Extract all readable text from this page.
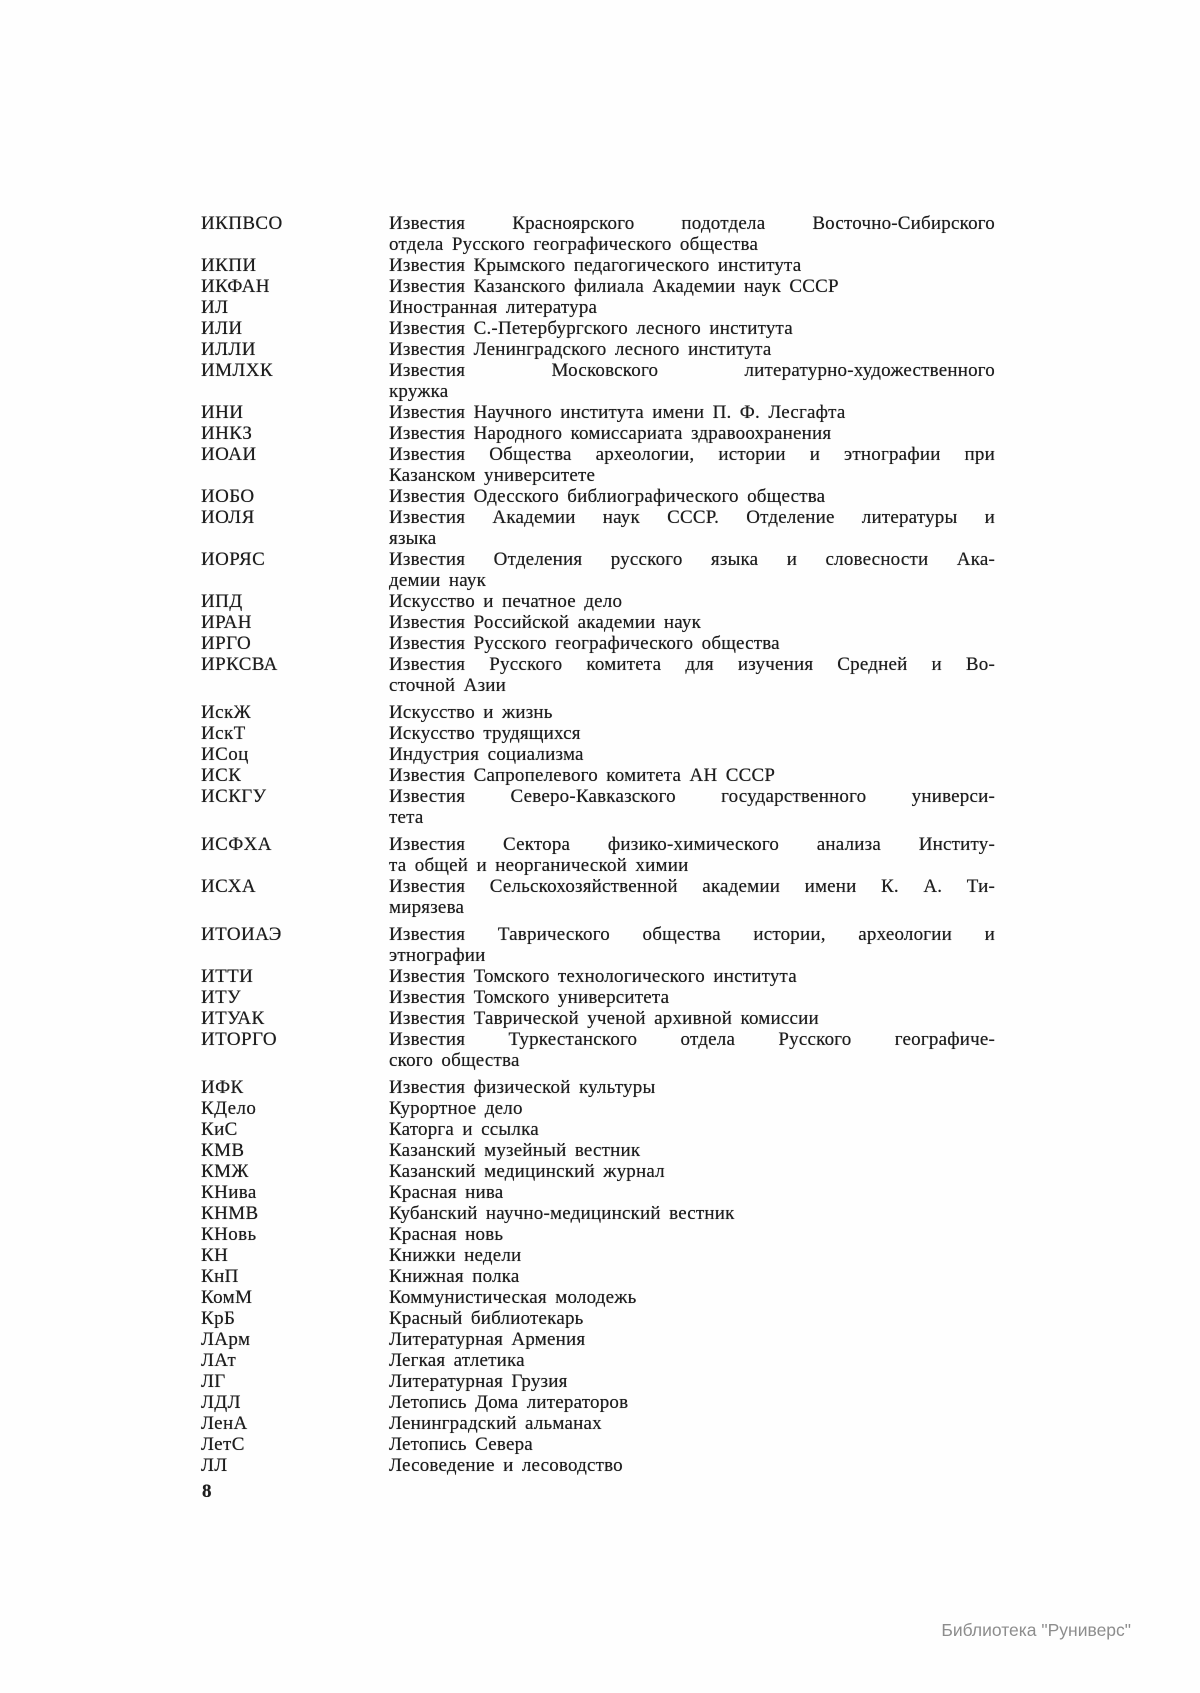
ИКПВСО	Известия Красноярского подотдела Восточно-Сибирского
отдела Русского географического общества
ИКПИ	Известия Крымского педагогического института
ИКФАН	Известия Казанского филиала Академии наук СССР
ИЛ	Иностранная литература
ИЛИ	Известия С.-Петербургского лесного института
ИЛЛИ	Известия Ленинградского лесного института
ИМЛХК	Известия Московского литературно-художественного
кружка
ИНИ	Известия Научного института имени П. Ф. Лесгафта
ИНКЗ	Известия Народного комиссариата здравоохранения
ИОАИ	Известия Общества археологии, истории и этнографии при
Казанском университете
ИОБО	Известия Одесского библиографического общества
ИОЛЯ	Известия Академии наук СССР. Отделение литературы и
языка
ИОРЯС	Известия Отделения русского языка и словесности Ака-
демии наук
ИПД	Искусство и печатное дело
ИРАН	Известия Российской академии наук
ИРГО	Известия Русского географического общества
ИРКСВА	Известия Русского комитета для изучения Средней и Во-
сточной Азии
ИскЖ	Искусство и жизнь
ИскТ	Искусство трудящихся
ИСоц	Индустрия социализма
ИСК	Известия Сапропелевого комитета АН СССР
ИСКГУ	Известия Северо-Кавказского государственного универси-
тета
ИСФХА	Известия Сектора физико-химического анализа Институ-
та общей и неорганической химии
ИСХА	Известия Сельскохозяйственной академии имени К. А. Ти-
мирязева
ИТОИАЭ	Известия Таврического общества истории, археологии и
этнографии
ИТТИ	Известия Томского технологического института
ИТУ	Известия Томского университета
ИТУАК	Известия Таврической ученой архивной комиссии
ИТОРГО	Известия Туркестанского отдела Русского географиче-
ского общества
ИФК	Известия физической культуры
КДело	Курортное дело
КиС	Каторга и ссылка
КМВ	Казанский музейный вестник
КМЖ	Казанский медицинский журнал
КНива	Красная нива
КНМВ	Кубанский научно-медицинский вестник
КНовь	Красная новь
КН	Книжки недели
КнП	Книжная полка
КомМ	Коммунистическая молодежь
КрБ	Красный библиотекарь
ЛАрм	Литературная Армения
ЛАт	Легкая атлетика
ЛГ	Литературная Грузия
ЛДЛ	Летопись Дома литераторов
ЛенА	Ленинградский альманах
ЛетС	Летопись Севера
ЛЛ	Лесоведение и лесоводство
8
Библиотека "Руниверс"
